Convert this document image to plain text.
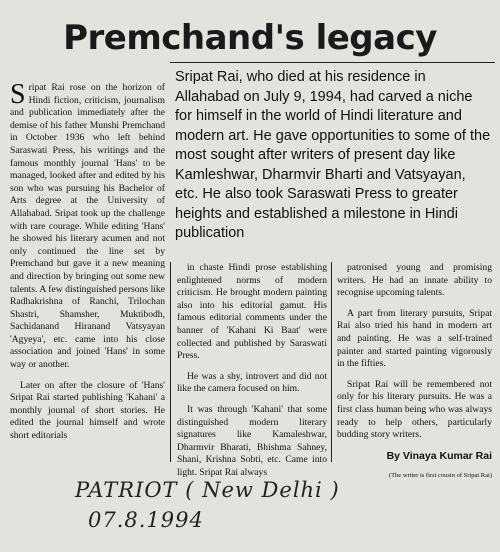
Premchand's legacy
Sripat Rai, who died at his residence in Allahabad on July 9, 1994, had carved a niche for himself in the world of Hindi literature and modern art. He gave opportunities to some of the most sought after writers of present day like Kamleshwar, Dharmvir Bharti and Vatsyayan, etc. He also took Saraswati Press to greater heights and established a milestone in Hindi publication

Sripat Rai rose on the horizon of Hindi fiction, criticism, journalism and publication immediately after the demise of his father Munshi Premchand in October 1936 who left behind Saraswati Press, his writings and the famous monthly journal 'Hans' to be managed, looked after and edited by his son who was pursuing his Bachelor of Arts degree at the University of Allahabad. Sripat took up the challenge with rare courage. While editing 'Hans' he showed his literary acumen and not only continued the line set by Premchand but gave it a new meaning and direction by bringing out some new talents. A few distinguished persons like Radhakrishna of Ranchi, Trilochan Shastri, Shamsher, Muktibodh, Sachidanand Hiranand Vatsyayan 'Agyeya', etc. came into his close association and joined 'Hans' in some way or another.

Later on after the closure of 'Hans' Sripat Rai started publishing 'Kahani' a monthly journal of short stories. He edited the journal himself and wrote short editorials

in chaste Hindi prose establishing enlightened norms of modern criticism. He brought modern painting also into his editorial gamut. His famous editorial comments under the banner of 'Kahani Ki Baat' were collected and published by Saraswati Press.

He was a shy, introvert and did not like the camera focused on him.

It was through 'Kahani' that some distinguished modern literary signatures like Kamaleshwar, Dharmvir Bharati, Bhishma Sahney, Shani, Krishna Sobti, etc. Came into light. Sripat Rai always

patronised young and promising writers. He had an innate ability to recognise upcoming talents.

A part from literary pursuits, Sripat Rai also tried his hand in modern art and painting. He was a self-trained painter and started painting vigorously in the fifties.

Sripat Rai will be remembered not only for his literary pursuits. He was a first class human being who was always ready to help others, particularly budding story writers.

By Vinaya Kumar Rai

(The writer is first cousin of Sripat Rai)

PATRIOT ( New Delhi )
07.8.1994
